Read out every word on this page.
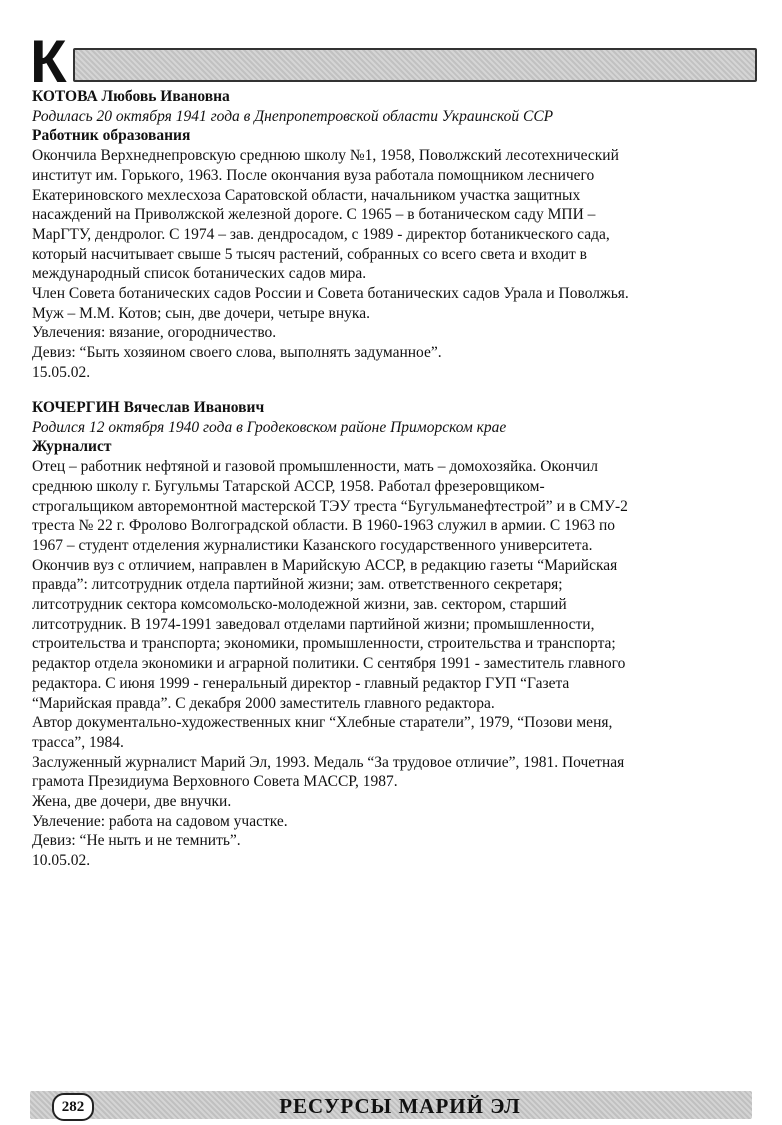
К
КОТОВА Любовь Ивановна
Родилась 20 октября 1941 года в Днепропетровской области Украинской ССР
Работник образования
Окончила Верхнеднепровскую среднюю школу №1, 1958, Поволжский лесотехнический
институт им. Горького, 1963. После окончания вуза работала помощником лесничего
Екатериновского мехлесхоза Саратовской области, начальником участка защитных
насаждений на Приволжской железной дороге. С 1965 – в ботаническом саду МПИ –
МарГТУ, дендролог. С 1974 – зав. дендросадом, с 1989 - директор ботаникческого сада,
который насчитывает свыше 5 тысяч растений, собранных со всего света и входит в
международный список ботанических садов мира.
Член Совета ботанических садов России и Совета ботанических садов Урала и Поволжья.
Муж – М.М. Котов; сын, две дочери, четыре внука.
Увлечения: вязание, огородничество.
Девиз: “Быть хозяином своего слова, выполнять задуманное”.
15.05.02.
КОЧЕРГИН Вячеслав Иванович
Родился 12 октября 1940 года в Гродековском районе Приморском крае
Журналист
Отец – работник нефтяной и газовой промышленности, мать – домохозяйка. Окончил
среднюю школу г. Бугульмы Татарской АССР, 1958. Работал фрезеровщиком-
строгальщиком авторемонтной мастерской ТЭУ треста “Бугульманефтестрой” и в СМУ-2
треста № 22 г. Фролово Волгоградской области. В 1960-1963 служил в армии. С 1963 по
1967 – студент отделения журналистики Казанского государственного университета.
Окончив вуз с отличием, направлен в Марийскую АССР, в редакцию газеты “Марийская
правда”: литсотрудник отдела партийной жизни; зам. ответственного секретаря;
литсотрудник сектора комсомольско-молодежной жизни, зав. сектором, старший
литсотрудник. В 1974-1991 заведовал отделами партийной жизни; промышленности,
строительства и транспорта; экономики, промышленности, строительства и транспорта;
редактор отдела экономики и аграрной политики. С сентября 1991 - заместитель главного
редактора. С июня 1999 - генеральный директор - главный редактор ГУП “Газета
“Марийская правда”. С декабря 2000 заместитель главного редактора.
Автор документально-художественных книг “Хлебные старатели”, 1979, “Позови меня,
трасса”, 1984.
Заслуженный журналист Марий Эл, 1993. Медаль “За трудовое отличие”, 1981. Почетная
грамота Президиума Верховного Совета МАССР, 1987.
Жена, две дочери, две внучки.
Увлечение: работа на садовом участке.
Девиз: “Не ныть и не темнить”.
10.05.02.
282	РЕСУРСЫ МАРИЙ ЭЛ
